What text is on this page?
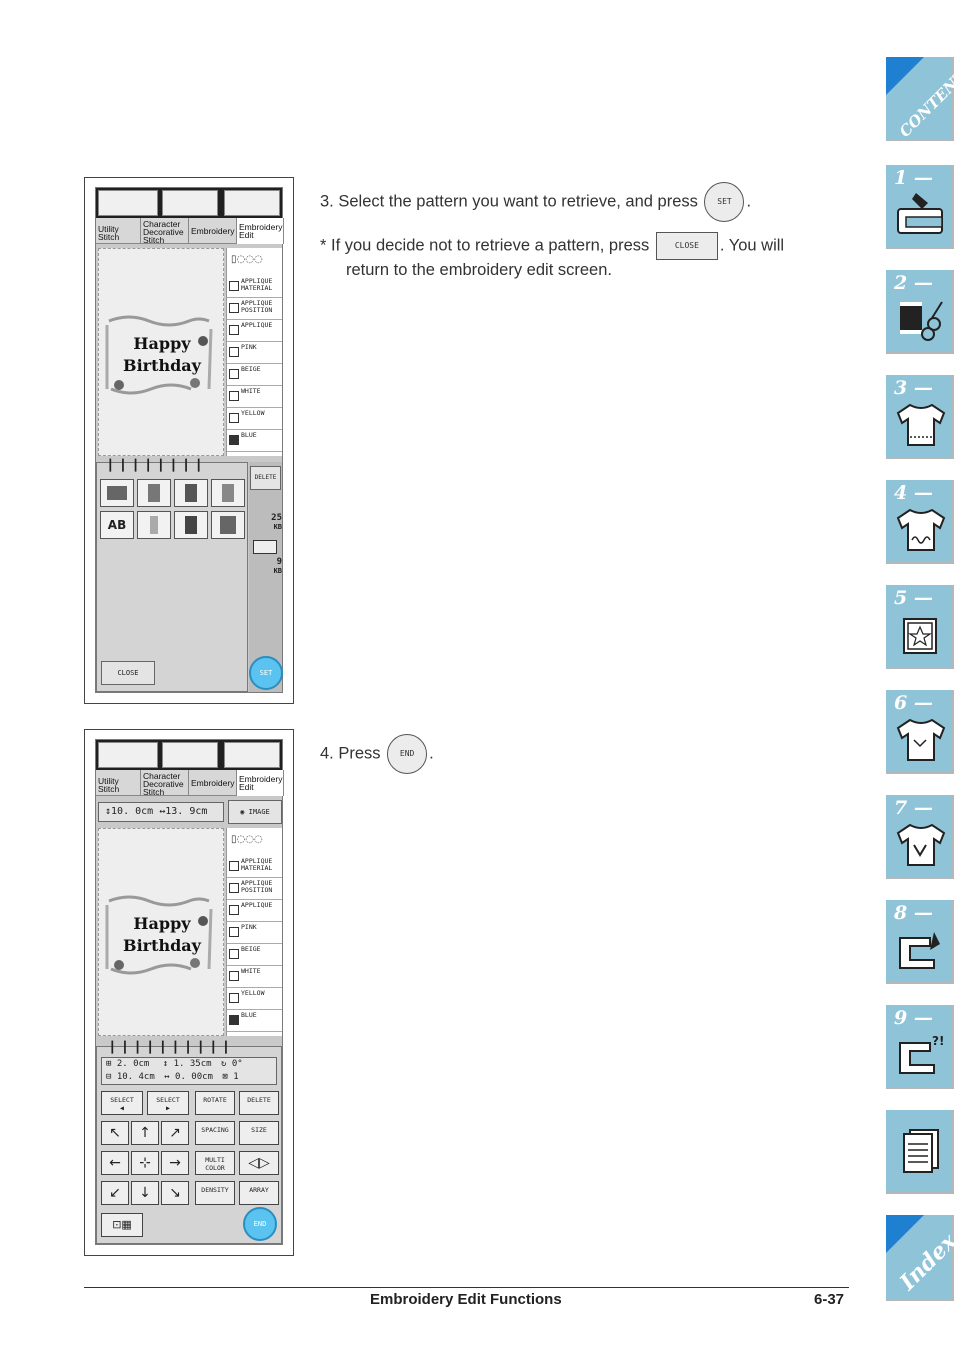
CONTENTS
1 —
2 —
3 —
4 —
5 —
6 —
7 —
8 —
9 —
?!
Index
Utility Stitch
Character Decorative Stitch
Embroidery Embroidery Edit
Happy
Birthday
▯◌◌◌
APPLIQUE MATERIAL
APPLIQUE POSITION
APPLIQUE
PINK
BEIGE
WHITE
YELLOW
BLUE
┃┃┃┃┃┃┃┃
AB
CLOSE
DELETE
25
KB
9
KB
SET
Utility Stitch
Character Decorative Stitch
Embroidery Embroidery Edit
↕10. 0cm ↔13. 9cm	◉ IMAGE
Happy
Birthday
▯◌◌◌
APPLIQUE MATERIAL
APPLIQUE POSITION
APPLIQUE
PINK
BEIGE
WHITE
YELLOW
BLUE
┃┃┃┃┃┃┃┃┃┃
⊞ 2. 0cm ↕ 1. 35cm ↻ 0°
⊟ 10. 4cm ↔ 0. 00cm ⊠ 1
SELECT
◀
SELECT
▶
ROTATE	DELETE
↖	↑	↗	SPACING	SIZE
←	⊹	→	MULTI COLOR	◁▷
↙	↓	↘	DENSITY	ARRAY
⊡▦	END
3. Select the pattern you want to retrieve, and press SET .
* If you decide not to retrieve a pattern, press	CLOSE . You will
return to the embroidery edit screen.
4. Press END .
Embroidery Edit Functions	6-37
